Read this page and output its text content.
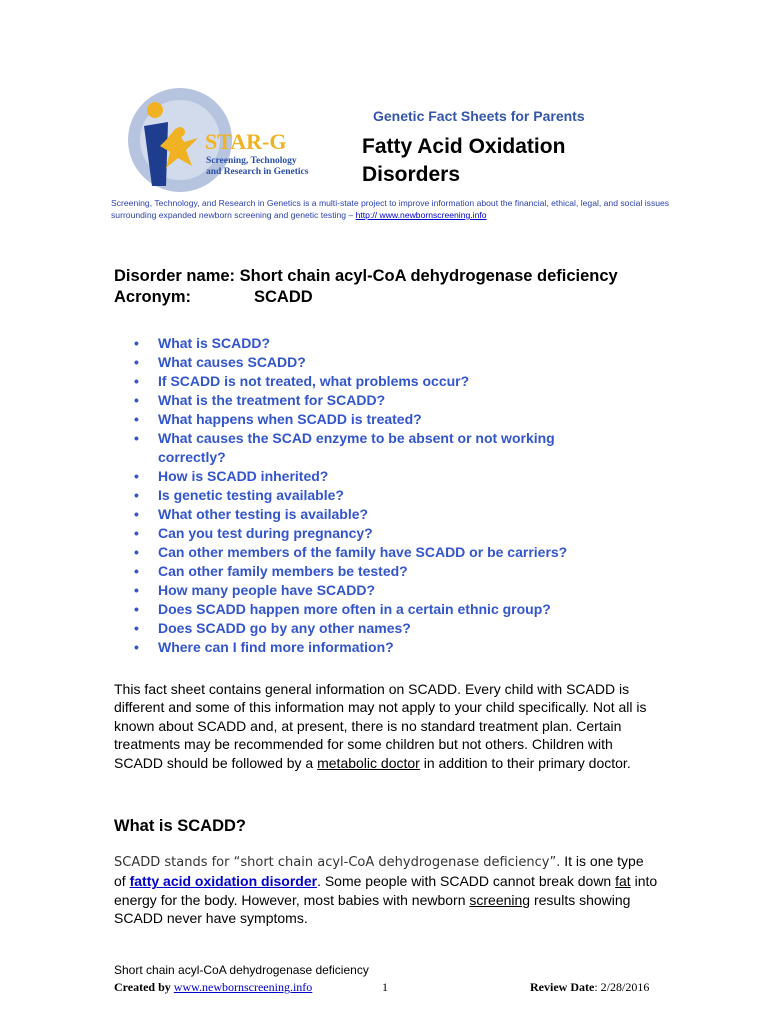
STAR-G
Screening, Technology
and Research in Genetics
Genetic Fact Sheets for Parents
Fatty Acid Oxidation
Disorders
Screening, Technology, and Research in Genetics is a multi-state project to improve information about the financial, ethical, legal, and social issues surrounding expanded newborn screening and genetic testing – http:// www.newbornscreening.info
Disorder name: Short chain acyl-CoA dehydrogenase deficiency
Acronym:	SCADD
• What is SCADD?
• What causes SCADD?
• If SCADD is not treated, what problems occur?
• What is the treatment for SCADD?
• What happens when SCADD is treated?
• What causes the SCAD enzyme to be absent or not working correctly?
• How is SCADD inherited?
• Is genetic testing available?
• What other testing is available?
• Can you test during pregnancy?
• Can other members of the family have SCADD or be carriers?
• Can other family members be tested?
• How many people have SCADD?
• Does SCADD happen more often in a certain ethnic group?
• Does SCADD go by any other names?
• Where can I find more information?
This fact sheet contains general information on SCADD. Every child with SCADD is different and some of this information may not apply to your child specifically. Not all is known about SCADD and, at present, there is no standard treatment plan. Certain treatments may be recommended for some children but not others. Children with SCADD should be followed by a metabolic doctor in addition to their primary doctor.
What is SCADD?
SCADD stands for “short chain acyl-CoA dehydrogenase deficiency”. It is one type of fatty acid oxidation disorder. Some people with SCADD cannot break down fat into energy for the body. However, most babies with newborn screening results showing SCADD never have symptoms.
Short chain acyl-CoA dehydrogenase deficiency
Created by www.newbornscreening.info	1	Review Date: 2/28/2016
